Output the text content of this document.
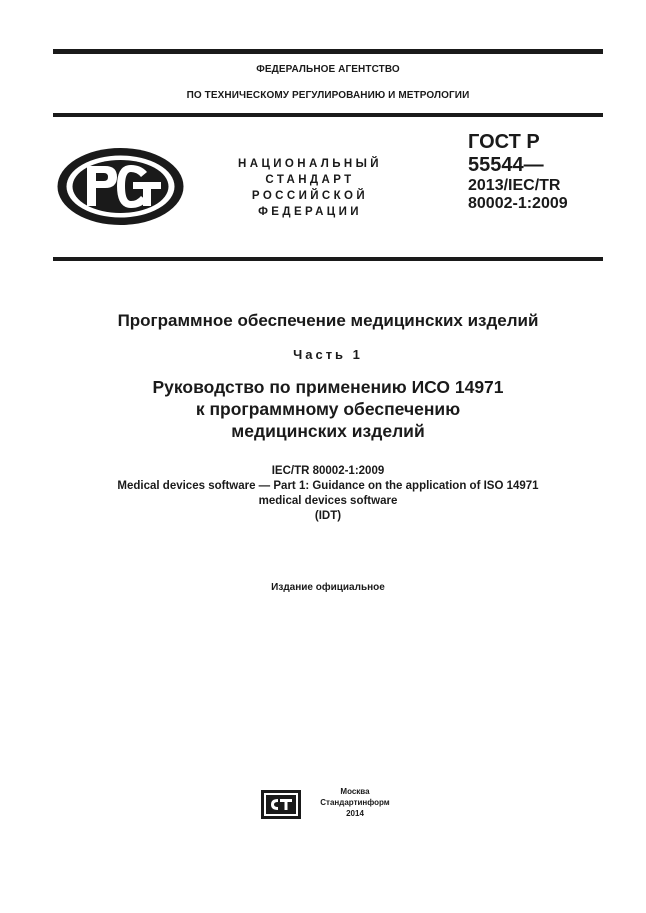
ФЕДЕРАЛЬНОЕ АГЕНТСТВО
ПО ТЕХНИЧЕСКОМУ РЕГУЛИРОВАНИЮ И МЕТРОЛОГИИ
НАЦИОНАЛЬНЫЙ
СТАНДАРТ
РОССИЙСКОЙ
ФЕДЕРАЦИИ
ГОСТ Р
55544—
2013/IEC/TR
80002-1:2009
Программное обеспечение медицинских изделий
Часть 1
Руководство по применению ИСО 14971
к программному обеспечению
медицинских изделий
IEC/TR 80002-1:2009
Medical devices software — Part 1: Guidance on the application of ISO 14971
medical devices software
(IDT)
Издание официальное
Москва
Стандартинформ
2014
